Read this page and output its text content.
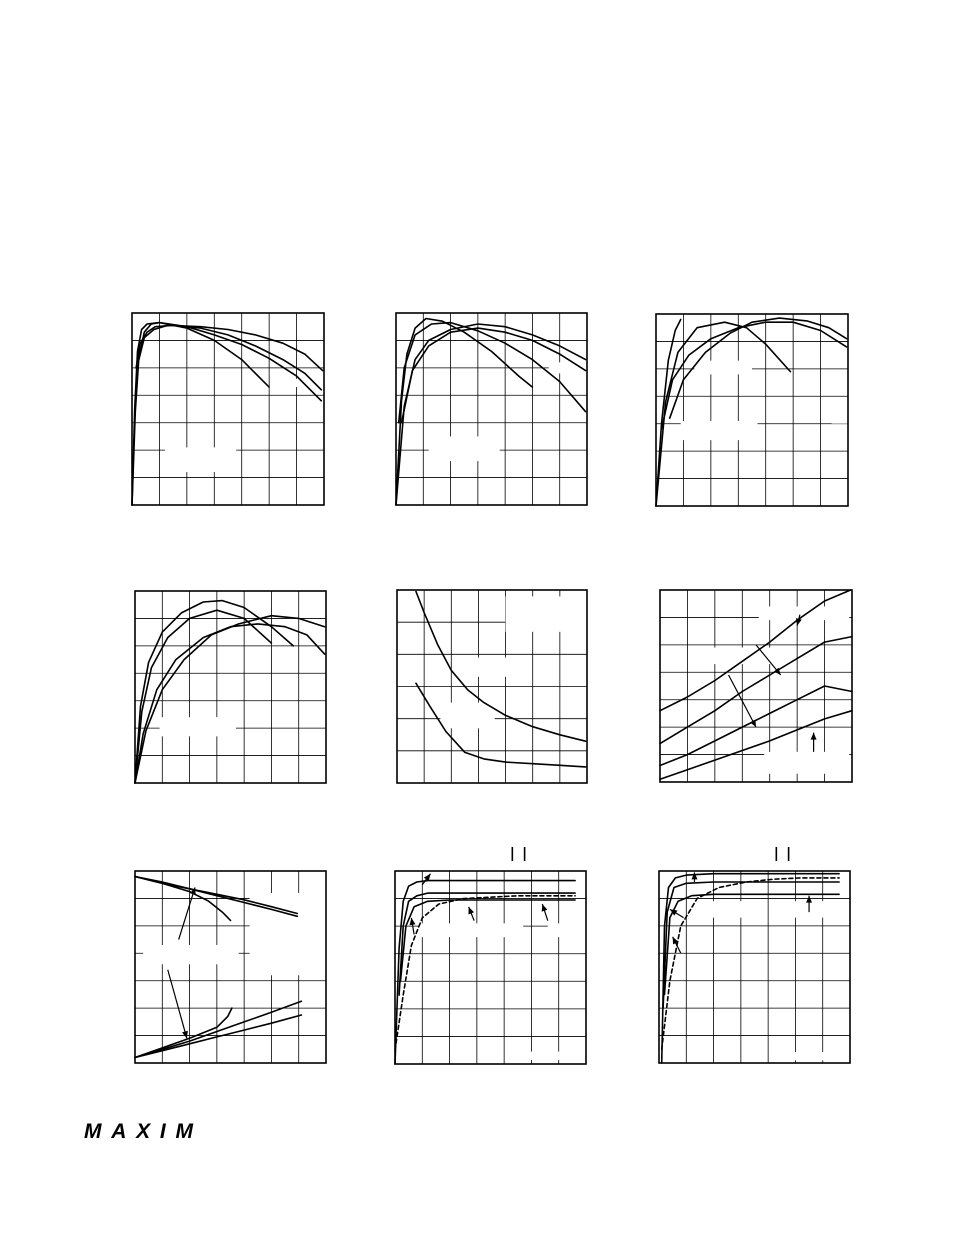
MAXIM
